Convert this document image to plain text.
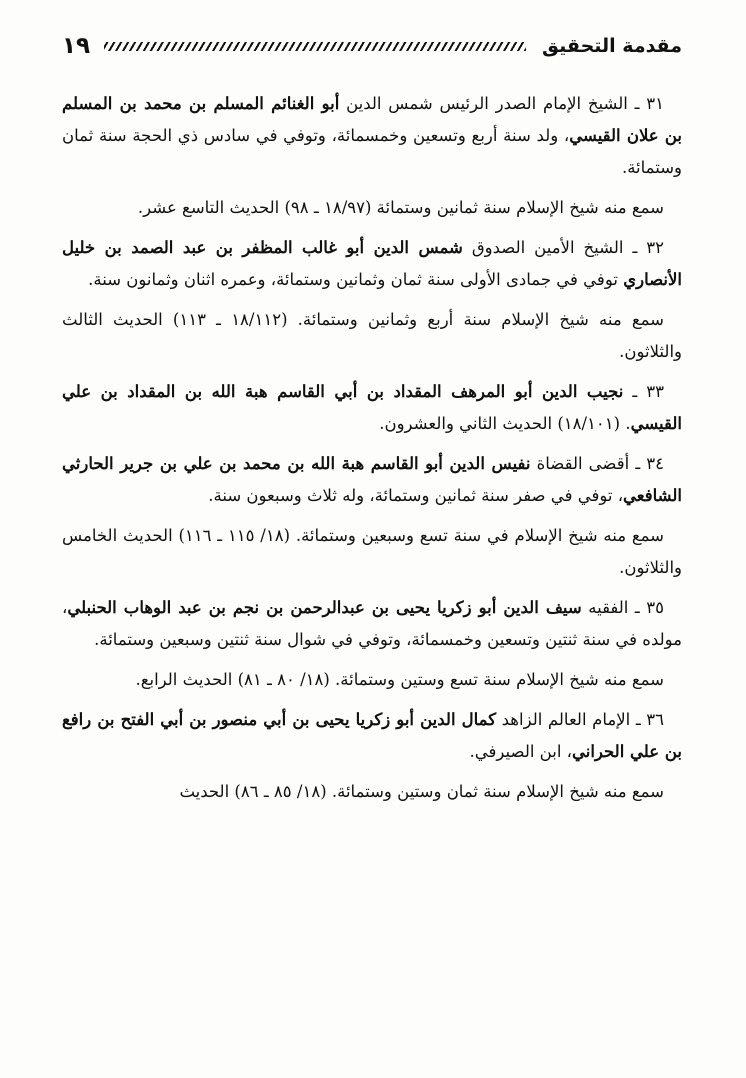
مقدمة التحقيق
١٩

٣١ ـ الشيخ الإمام الصدر الرئيس شمس الدين أبو الغنائم المسلم بن محمد بن المسلم بن علان القيسي، ولد سنة أربع وتسعين وخمسمائة، وتوفي في سادس ذي الحجة سنة ثمان وستمائة.

سمع منه شيخ الإسلام سنة ثمانين وستمائة (١٨/٩٧ ـ ٩٨) الحديث التاسع عشر.

٣٢ ـ الشيخ الأمين الصدوق شمس الدين أبو غالب المظفر بن عبد الصمد بن خليل الأنصاري توفي في جمادى الأولى سنة ثمان وثمانين وستمائة، وعمره اثنان وثمانون سنة.

سمع منه شيخ الإسلام سنة أربع وثمانين وستمائة. (١٨/١١٢ ـ ١١٣) الحديث الثالث والثلاثون.

٣٣ ـ نجيب الدين أبو المرهف المقداد بن أبي القاسم هبة الله بن المقداد بن علي القيسي. (١٨/١٠١) الحديث الثاني والعشرون.

٣٤ ـ أقضى القضاة نفيس الدين أبو القاسم هبة الله بن محمد بن علي بن جرير الحارثي الشافعي، توفي في صفر سنة ثمانين وستمائة، وله ثلاث وسبعون سنة.

سمع منه شيخ الإسلام في سنة تسع وسبعين وستمائة. (١٨/ ١١٥ ـ ١١٦) الحديث الخامس والثلاثون.

٣٥ ـ الفقيه سيف الدين أبو زكريا يحيى بن عبدالرحمن بن نجم بن عبد الوهاب الحنبلي، مولده في سنة ثنتين وتسعين وخمسمائة، وتوفي في شوال سنة ثنتين وسبعين وستمائة.

سمع منه شيخ الإسلام سنة تسع وستين وستمائة. (١٨/ ٨٠ ـ ٨١) الحديث الرابع.

٣٦ ـ الإمام العالم الزاهد كمال الدين أبو زكريا يحيى بن أبي منصور بن أبي الفتح بن رافع بن علي الحراني، ابن الصيرفي.

سمع منه شيخ الإسلام سنة ثمان وستين وستمائة. (١٨/ ٨٥ ـ ٨٦) الحديث
